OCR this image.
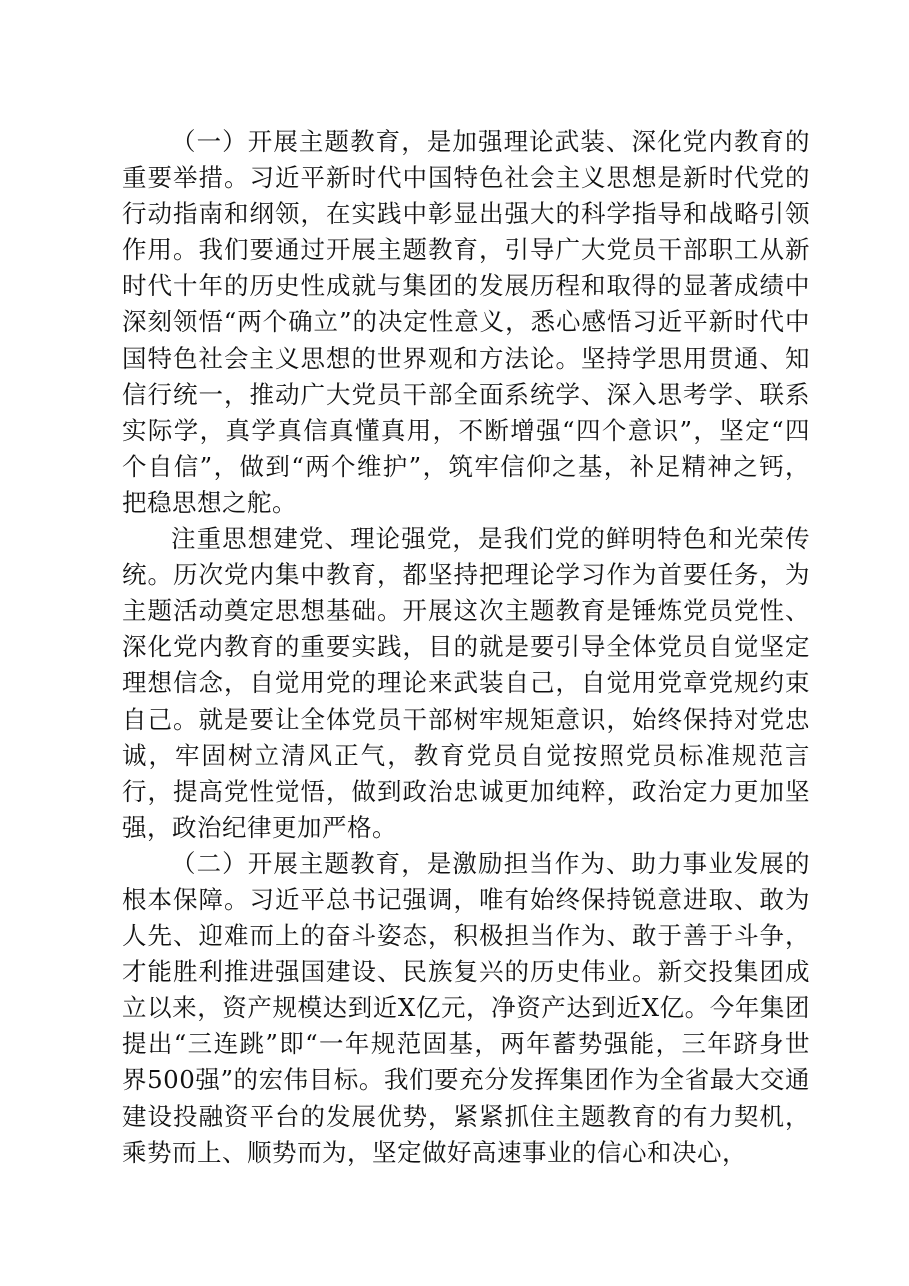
（一）开展主题教育，是加强理论武装、深化党内教育的重要举措。习近平新时代中国特色社会主义思想是新时代党的行动指南和纲领，在实践中彰显出强大的科学指导和战略引领作用。我们要通过开展主题教育，引导广大党员干部职工从新时代十年的历史性成就与集团的发展历程和取得的显著成绩中深刻领悟“两个确立”的决定性意义，悉心感悟习近平新时代中国特色社会主义思想的世界观和方法论。坚持学思用贯通、知信行统一，推动广大党员干部全面系统学、深入思考学、联系实际学，真学真信真懂真用，不断增强“四个意识”，坚定“四个自信”，做到“两个维护”，筑牢信仰之基，补足精神之钙，把稳思想之舵。

注重思想建党、理论强党，是我们党的鲜明特色和光荣传统。历次党内集中教育，都坚持把理论学习作为首要任务，为主题活动奠定思想基础。开展这次主题教育是锤炼党员党性、深化党内教育的重要实践，目的就是要引导全体党员自觉坚定理想信念，自觉用党的理论来武装自己，自觉用党章党规约束自己。就是要让全体党员干部树牢规矩意识，始终保持对党忠诚，牢固树立清风正气，教育党员自觉按照党员标准规范言行，提高党性觉悟，做到政治忠诚更加纯粹，政治定力更加坚强，政治纪律更加严格。

（二）开展主题教育，是激励担当作为、助力事业发展的根本保障。习近平总书记强调，唯有始终保持锐意进取、敢为人先、迎难而上的奋斗姿态，积极担当作为、敢于善于斗争，才能胜利推进强国建设、民族复兴的历史伟业。新交投集团成立以来，资产规模达到近X亿元，净资产达到近X亿。今年集团提出“三连跳”即“一年规范固基，两年蓄势强能，三年跻身世界500强”的宏伟目标。我们要充分发挥集团作为全省最大交通建设投融资平台的发展优势，紧紧抓住主题教育的有力契机，乘势而上、顺势而为，坚定做好高速事业的信心和决心，
